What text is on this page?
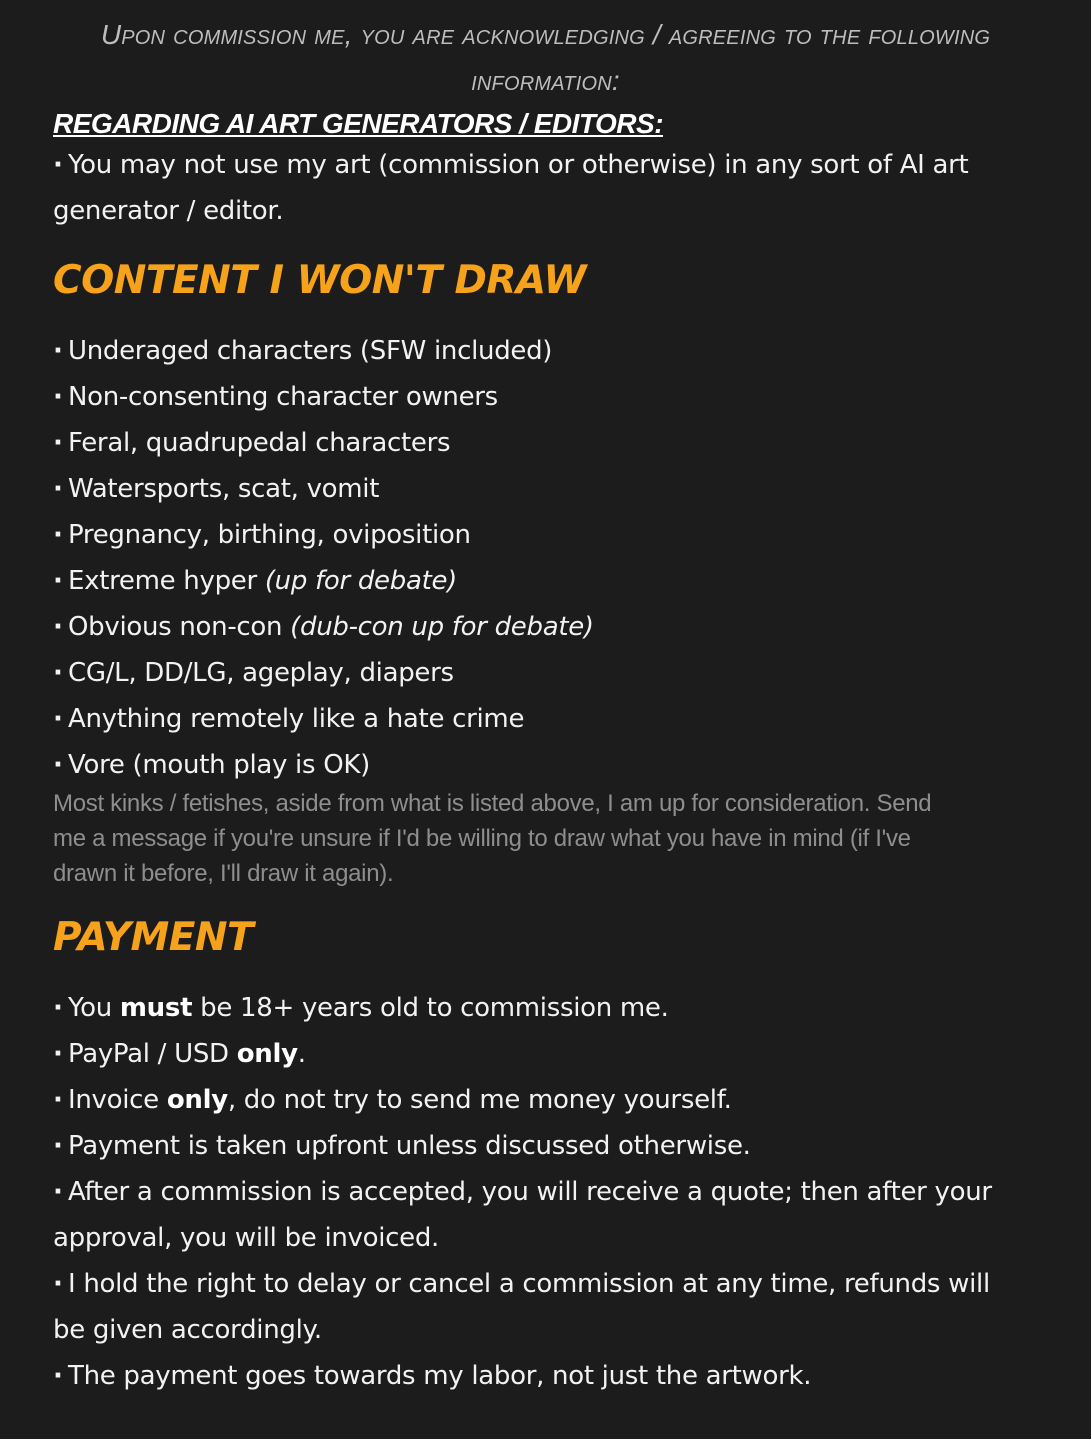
Upon commission me, you are acknowledging / agreeing to the following
information:
REGARDING AI ART GENERATORS / EDITORS:
· You may not use my art (commission or otherwise) in any sort of AI art
generator / editor.
CONTENT I WON'T DRAW
· Underaged characters (SFW included)
· Non-consenting character owners
· Feral, quadrupedal characters
· Watersports, scat, vomit
· Pregnancy, birthing, oviposition
· Extreme hyper (up for debate)
· Obvious non-con (dub-con up for debate)
· CG/L, DD/LG, ageplay, diapers
· Anything remotely like a hate crime
· Vore (mouth play is OK)
Most kinks / fetishes, aside from what is listed above, I am up for consideration. Send
me a message if you're unsure if I'd be willing to draw what you have in mind (if I've
drawn it before, I'll draw it again).
PAYMENT
· You must be 18+ years old to commission me.
· PayPal / USD only.
· Invoice only, do not try to send me money yourself.
· Payment is taken upfront unless discussed otherwise.
· After a commission is accepted, you will receive a quote; then after your
approval, you will be invoiced.
· I hold the right to delay or cancel a commission at any time, refunds will
be given accordingly.
· The payment goes towards my labor, not just the artwork.
